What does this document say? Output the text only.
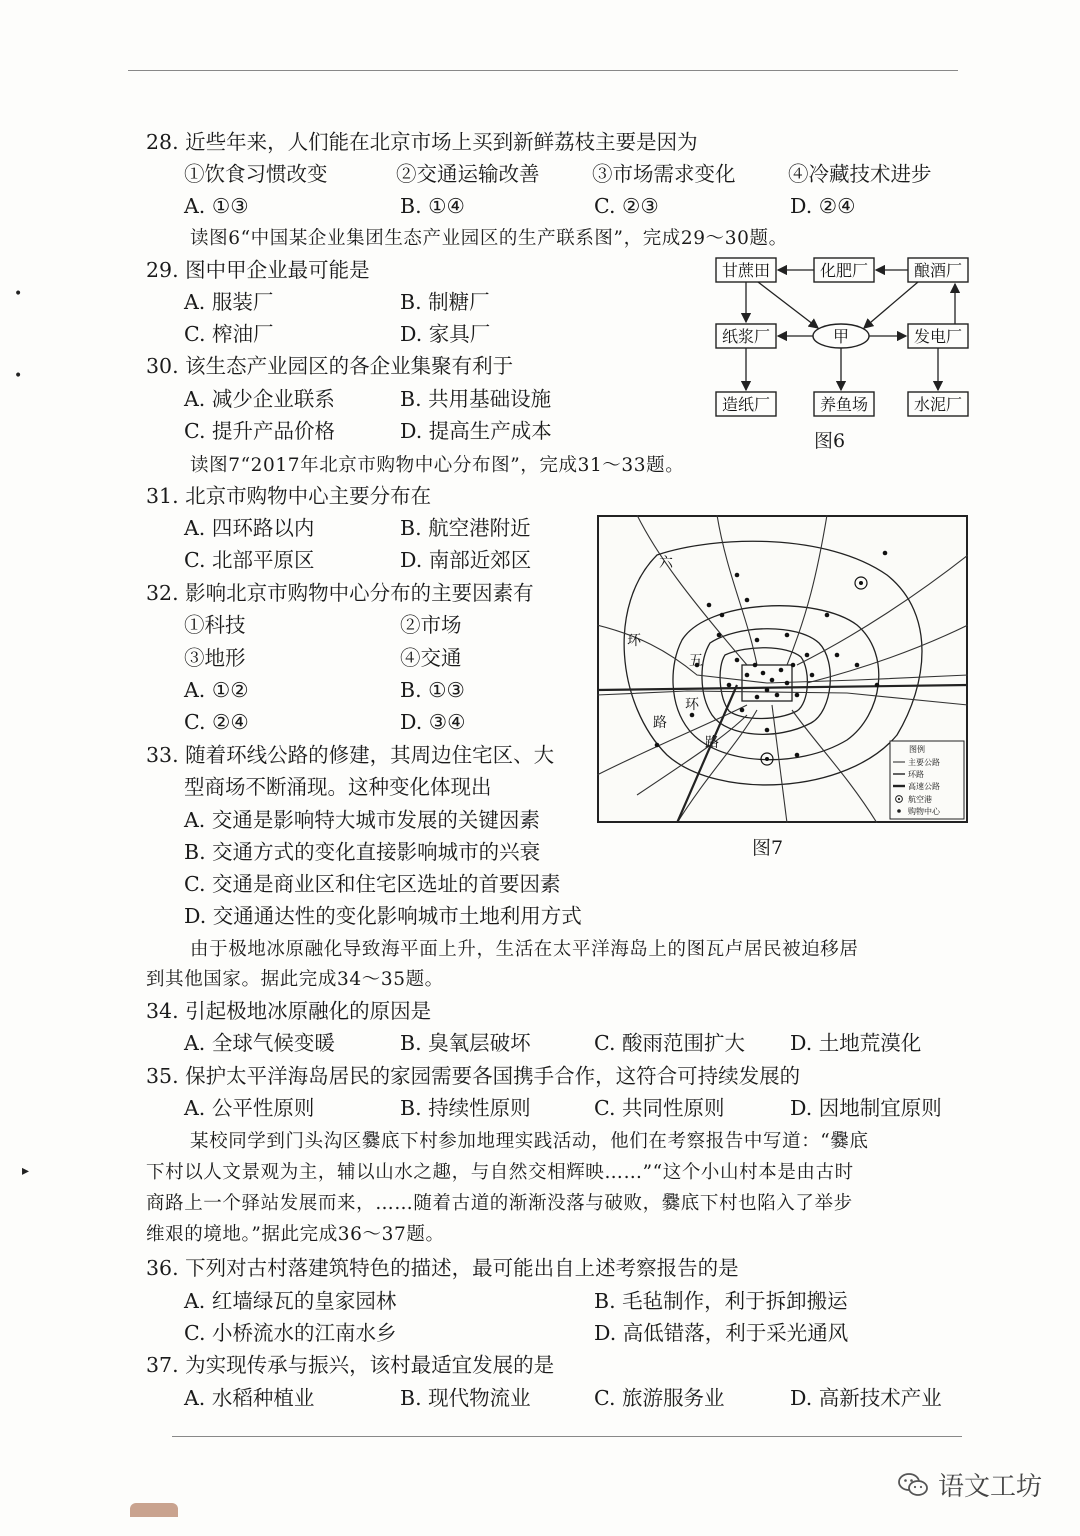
28. 近些年来，人们能在北京市场上买到新鲜荔枝主要是因为
①饮食习惯改变	②交通运输改善	③市场需求变化	④冷藏技术进步
A. ①③	B. ①④	C. ②③	D. ②④
读图6“中国某企业集团生态产业园区的生产联系图”，完成29～30题。
29. 图中甲企业最可能是
A. 服装厂	B. 制糖厂
C. 榨油厂	D. 家具厂
30. 该生态产业园区的各企业集聚有利于
A. 减少企业联系	B. 共用基础设施
C. 提升产品价格	D. 提高生产成本
甘蔗田	化肥厂	酿酒厂
纸浆厂	甲	发电厂
造纸厂	养鱼场	水泥厂
图6
读图7“2017年北京市购物中心分布图”，完成31～33题。
31. 北京市购物中心主要分布在
A. 四环路以内	B. 航空港附近
C. 北部平原区	D. 南部近郊区
32. 影响北京市购物中心分布的主要因素有
①科技	②市场
③地形	④交通
A. ①②	B. ①③
C. ②④	D. ③④
33. 随着环线公路的修建，其周边住宅区、大
型商场不断涌现。这种变化体现出
A. 交通是影响特大城市发展的关键因素
B. 交通方式的变化直接影响城市的兴衰
C. 交通是商业区和住宅区选址的首要因素
D. 交通通达性的变化影响城市土地利用方式
六
环
路
五
环
路	图例
主要公路
环路
高速公路
航空港
购物中心
图7
由于极地冰原融化导致海平面上升，生活在太平洋海岛上的图瓦卢居民被迫移居
到其他国家。据此完成34～35题。
34. 引起极地冰原融化的原因是
A. 全球气候变暖	B. 臭氧层破坏	C. 酸雨范围扩大 D. 土地荒漠化
35. 保护太平洋海岛居民的家园需要各国携手合作，这符合可持续发展的
A. 公平性原则	B. 持续性原则	C. 共同性原则	D. 因地制宜原则
某校同学到门头沟区爨底下村参加地理实践活动，他们在考察报告中写道：“爨底
下村以人文景观为主，辅以山水之趣，与自然交相辉映……”“这个小山村本是由古时
商路上一个驿站发展而来，……随着古道的渐渐没落与破败，爨底下村也陷入了举步
维艰的境地。”据此完成36～37题。
36. 下列对古村落建筑特色的描述，最可能出自上述考察报告的是
A. 红墙绿瓦的皇家园林	B. 毛毡制作，利于拆卸搬运
C. 小桥流水的江南水乡	D. 高低错落，利于采光通风
37. 为实现传承与振兴，该村最适宜发展的是
A. 水稻种植业	B. 现代物流业	C. 旅游服务业	D. 高新技术产业
•
•
▸
语文工坊
